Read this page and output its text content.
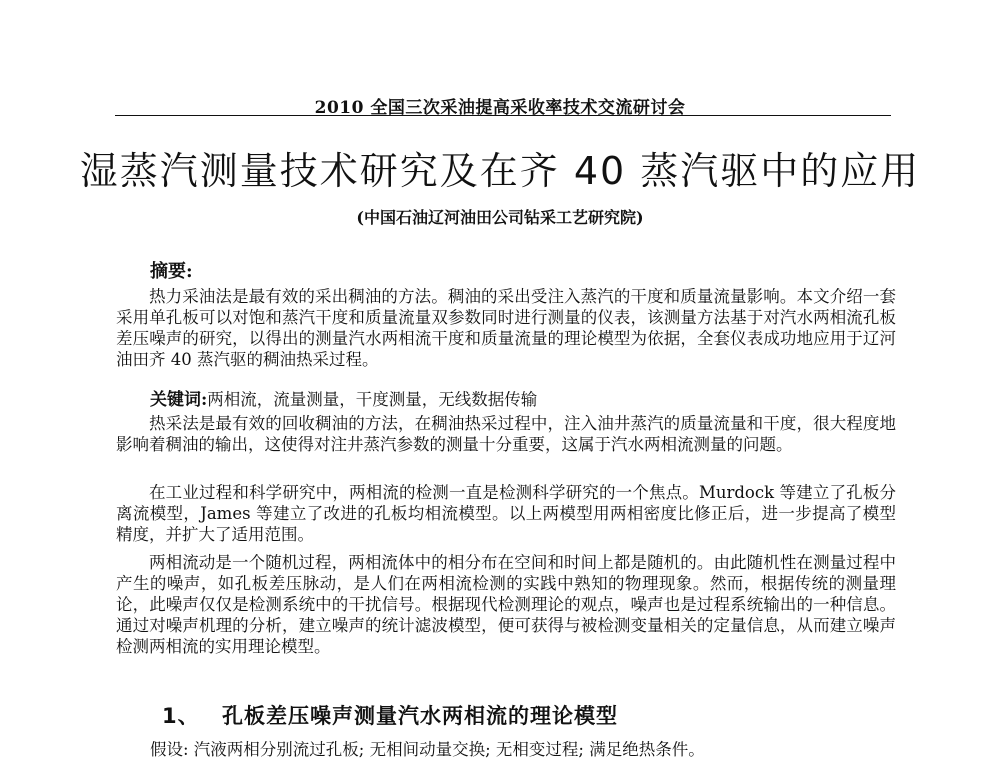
2010 全国三次采油提高采收率技术交流研讨会
湿蒸汽测量技术研究及在齐 40 蒸汽驱中的应用
(中国石油辽河油田公司钻采工艺研究院)
摘要:
热力采油法是最有效的采出稠油的方法。稠油的采出受注入蒸汽的干度和质量流量影响。本文介绍一套采用单孔板可以对饱和蒸汽干度和质量流量双参数同时进行测量的仪表，该测量方法基于对汽水两相流孔板差压噪声的研究，以得出的测量汽水两相流干度和质量流量的理论模型为依据，全套仪表成功地应用于辽河油田齐 40 蒸汽驱的稠油热采过程。
关键词:两相流，流量测量，干度测量，无线数据传输
热采法是最有效的回收稠油的方法，在稠油热采过程中，注入油井蒸汽的质量流量和干度，很大程度地影响着稠油的输出，这使得对注井蒸汽参数的测量十分重要，这属于汽水两相流测量的问题。
在工业过程和科学研究中，两相流的检测一直是检测科学研究的一个焦点。Murdock 等建立了孔板分离流模型，James 等建立了改进的孔板均相流模型。以上两模型用两相密度比修正后，进一步提高了模型精度，并扩大了适用范围。
两相流动是一个随机过程，两相流体中的相分布在空间和时间上都是随机的。由此随机性在测量过程中产生的噪声，如孔板差压脉动，是人们在两相流检测的实践中熟知的物理现象。然而，根据传统的测量理论，此噪声仅仅是检测系统中的干扰信号。根据现代检测理论的观点，噪声也是过程系统输出的一种信息。通过对噪声机理的分析，建立噪声的统计滤波模型，便可获得与被检测变量相关的定量信息，从而建立噪声检测两相流的实用理论模型。
1、 孔板差压噪声测量汽水两相流的理论模型
假设: 汽液两相分别流过孔板; 无相间动量交换; 无相变过程; 满足绝热条件。
